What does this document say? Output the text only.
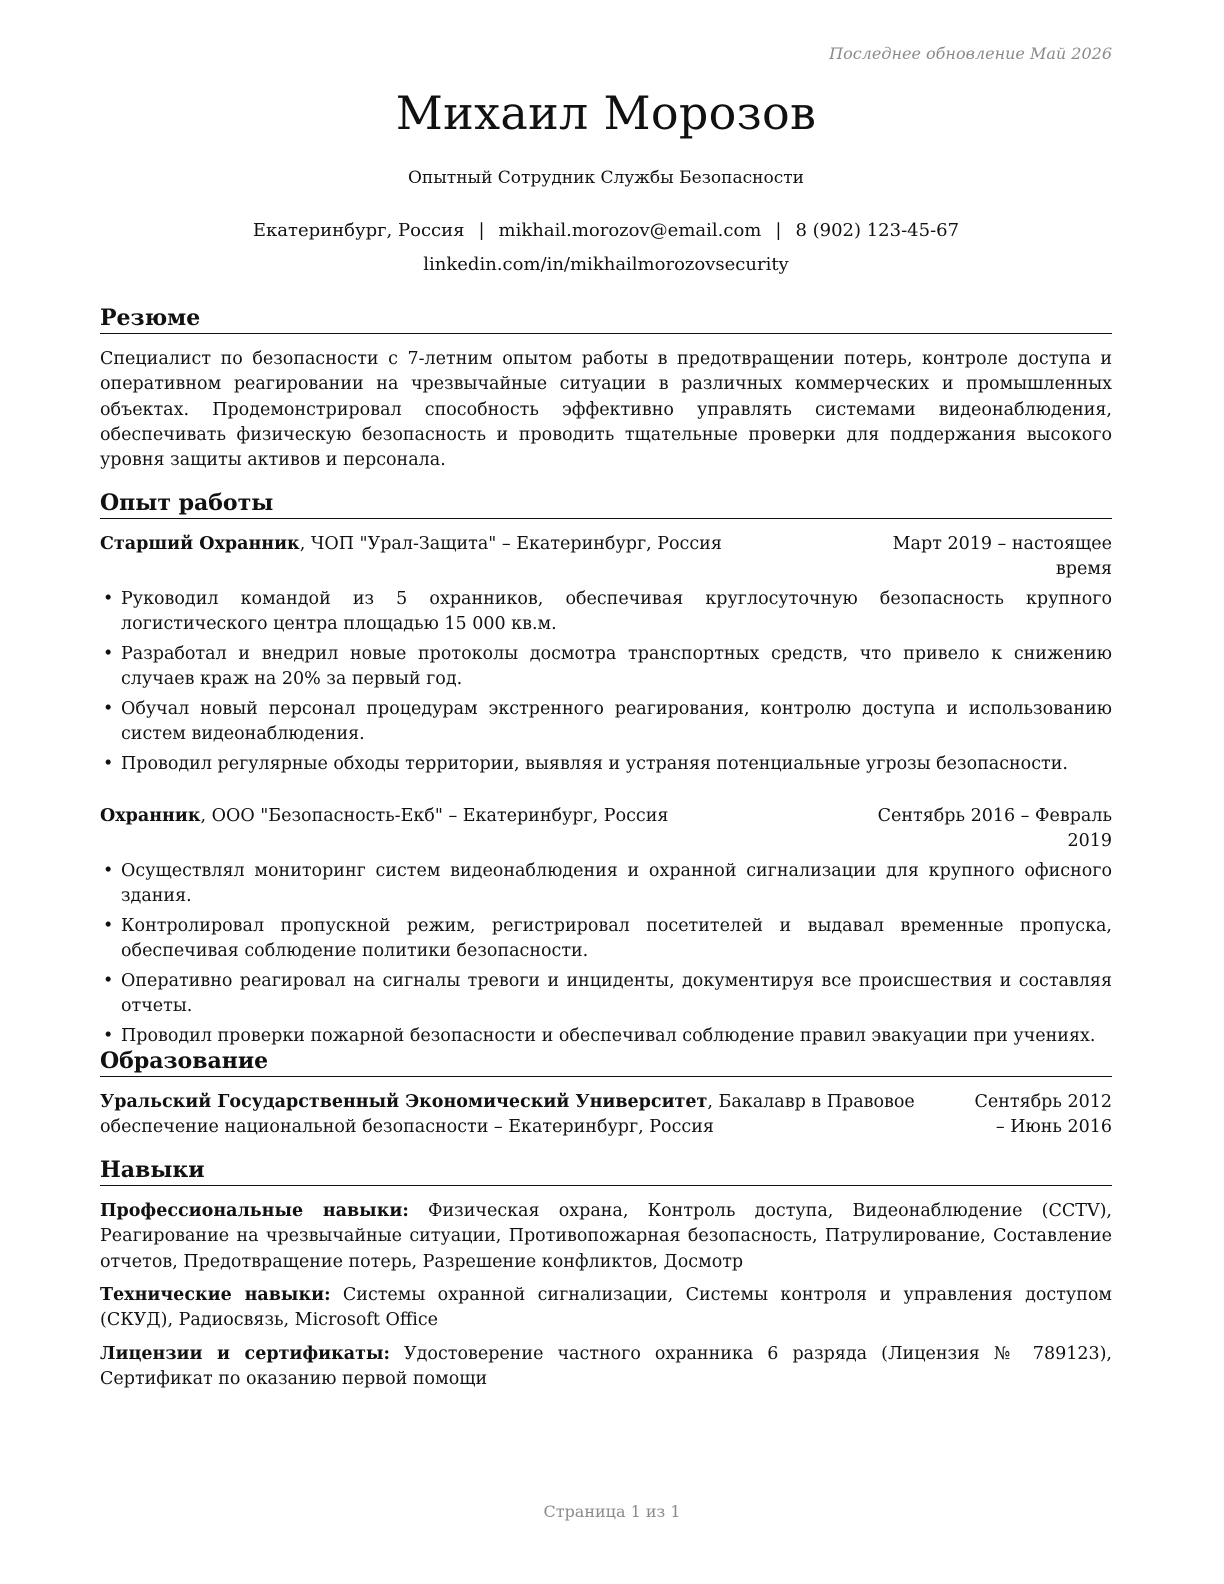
Последнее обновление Май 2026
Михаил Морозов
Опытный Сотрудник Службы Безопасности
Екатеринбург, Россия | mikhail.morozov@email.com | 8 (902) 123-45-67
linkedin.com/in/mikhailmorozovsecurity
Резюме
Специалист по безопасности с 7-летним опытом работы в предотвращении потерь, контроле доступа и оперативном реагировании на чрезвычайные ситуации в различных коммерческих и промышленных объектах. Продемонстрировал способность эффективно управлять системами видеонаблюдения, обеспечивать физическую безопасность и проводить тщательные проверки для поддержания высокого уровня защиты активов и персонала.
Опыт работы
Старший Охранник, ЧОП "Урал-Защита" – Екатеринбург, Россия	Март 2019 – настоящее время
• Руководил командой из 5 охранников, обеспечивая круглосуточную безопасность крупного логистического центра площадью 15 000 кв.м.
• Разработал и внедрил новые протоколы досмотра транспортных средств, что привело к снижению случаев краж на 20% за первый год.
• Обучал новый персонал процедурам экстренного реагирования, контролю доступа и использованию систем видеонаблюдения.
• Проводил регулярные обходы территории, выявляя и устраняя потенциальные угрозы безопасности.
Охранник, ООО "Безопасность-Екб" – Екатеринбург, Россия	Сентябрь 2016 – Февраль 2019
• Осуществлял мониторинг систем видеонаблюдения и охранной сигнализации для крупного офисного здания.
• Контролировал пропускной режим, регистрировал посетителей и выдавал временные пропуска, обеспечивая соблюдение политики безопасности.
• Оперативно реагировал на сигналы тревоги и инциденты, документируя все происшествия и составляя отчеты.
• Проводил проверки пожарной безопасности и обеспечивал соблюдение правил эвакуации при учениях.
Образование
Уральский Государственный Экономический Университет, Бакалавр в Правовое обеспечение национальной безопасности – Екатеринбург, Россия
Сентябрь 2012 – Июнь 2016
Навыки
Профессиональные навыки: Физическая охрана, Контроль доступа, Видеонаблюдение (CCTV), Реагирование на чрезвычайные ситуации, Противопожарная безопасность, Патрулирование, Составление отчетов, Предотвращение потерь, Разрешение конфликтов, Досмотр
Технические навыки: Системы охранной сигнализации, Системы контроля и управления доступом (СКУД), Радиосвязь, Microsoft Office
Лицензии и сертификаты: Удостоверение частного охранника 6 разряда (Лицензия № 789123), Сертификат по оказанию первой помощи
Страница 1 из 1
